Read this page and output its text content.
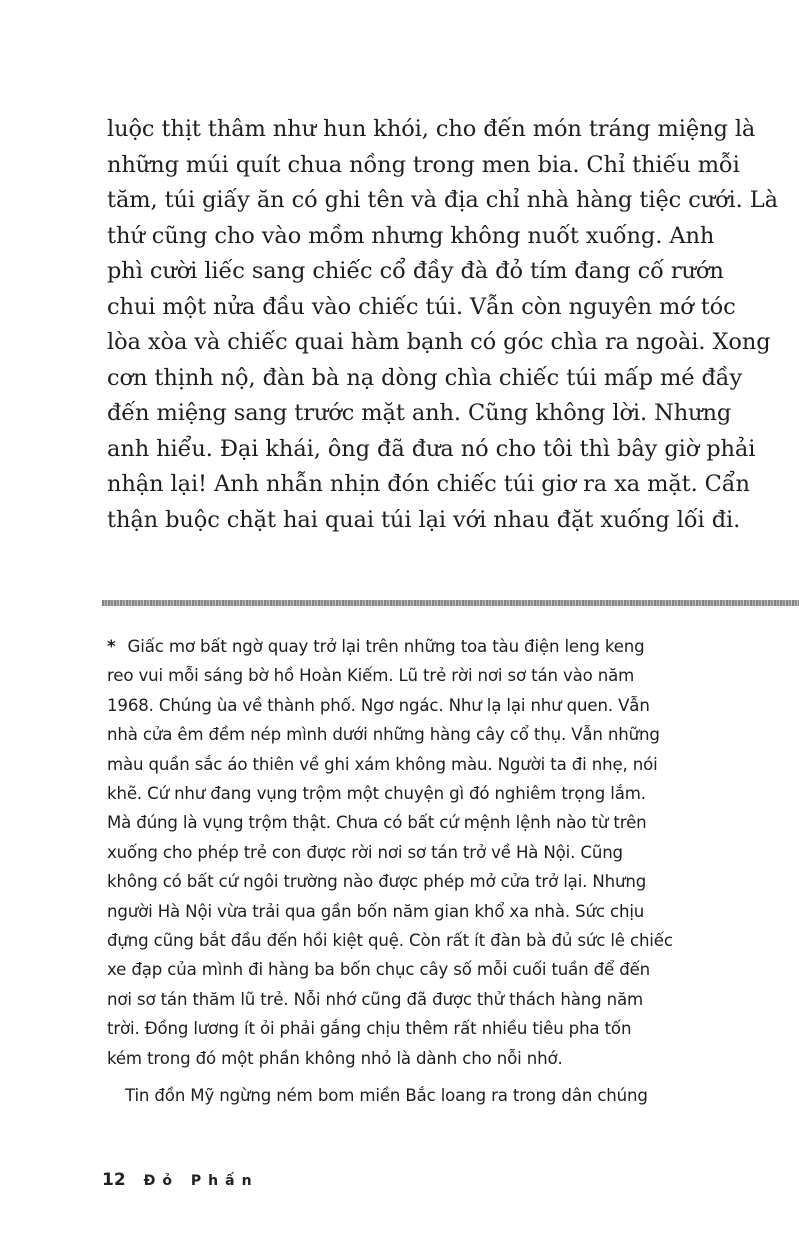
luộc thịt thâm như hun khói, cho đến món tráng miệng là
những múi quít chua nồng trong men bia. Chỉ thiếu mỗi
tăm, túi giấy ăn có ghi tên và địa chỉ nhà hàng tiệc cưới. Là
thứ cũng cho vào mồm nhưng không nuốt xuống. Anh
phì cười liếc sang chiếc cổ đầy đà đỏ tím đang cố rướn
chui một nửa đầu vào chiếc túi. Vẫn còn nguyên mớ tóc
lòa xòa và chiếc quai hàm bạnh có góc chìa ra ngoài. Xong
cơn thịnh nộ, đàn bà nạ dòng chìa chiếc túi mấp mé đầy
đến miệng sang trước mặt anh. Cũng không lời. Nhưng
anh hiểu. Đại khái, ông đã đưa nó cho tôi thì bây giờ phải
nhận lại! Anh nhẫn nhịn đón chiếc túi giơ ra xa mặt. Cẩn
thận buộc chặt hai quai túi lại với nhau đặt xuống lối đi.
* Giấc mơ bất ngờ quay trở lại trên những toa tàu điện leng keng
reo vui mỗi sáng bờ hồ Hoàn Kiếm. Lũ trẻ rời nơi sơ tán vào năm
1968. Chúng ùa về thành phố. Ngơ ngác. Như lạ lại như quen. Vẫn
nhà cửa êm đềm nép mình dưới những hàng cây cổ thụ. Vẫn những
màu quần sắc áo thiên về ghi xám không màu. Người ta đi nhẹ, nói
khẽ. Cứ như đang vụng trộm một chuyện gì đó nghiêm trọng lắm.
Mà đúng là vụng trộm thật. Chưa có bất cứ mệnh lệnh nào từ trên
xuống cho phép trẻ con được rời nơi sơ tán trở về Hà Nội. Cũng
không có bất cứ ngôi trường nào được phép mở cửa trở lại. Nhưng
người Hà Nội vừa trải qua gần bốn năm gian khổ xa nhà. Sức chịu
đựng cũng bắt đầu đến hồi kiệt quệ. Còn rất ít đàn bà đủ sức lê chiếc
xe đạp của mình đi hàng ba bốn chục cây số mỗi cuối tuần để đến
nơi sơ tán thăm lũ trẻ. Nỗi nhớ cũng đã được thử thách hàng năm
trời. Đồng lương ít ỏi phải gắng chịu thêm rất nhiều tiêu pha tốn
kém trong đó một phần không nhỏ là dành cho nỗi nhớ.
Tin đồn Mỹ ngừng ném bom miền Bắc loang ra trong dân chúng
12 Đỏ Phấn
